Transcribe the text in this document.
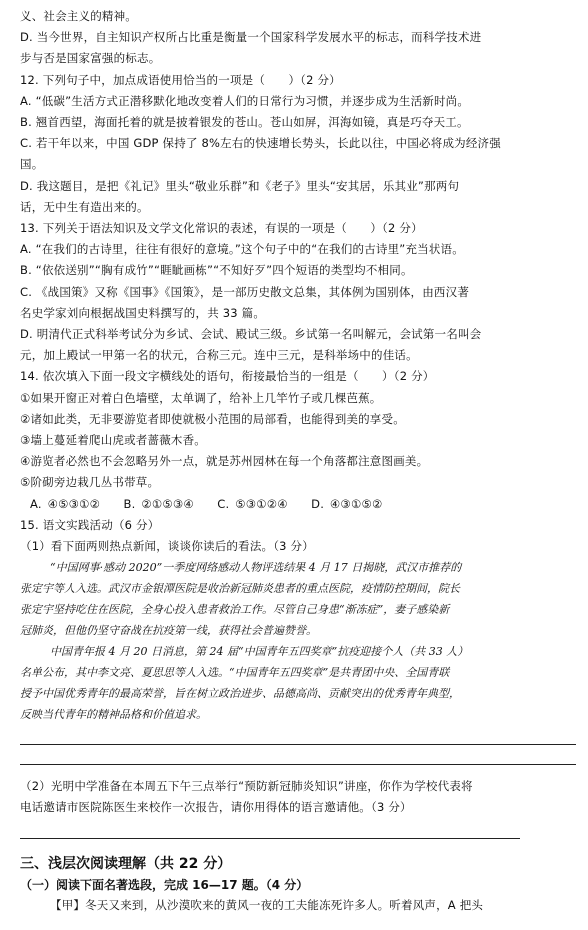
义、社会主义的精神。
D. 当今世界，自主知识产权所占比重是衡量一个国家科学发展水平的标志，而科学技术进
步与否是国家富强的标志。
12. 下列句子中，加点成语使用恰当的一项是（　　）（2 分）
A. “低碳”生活方式正潜移默化地改变着人们的日常行为习惯，并逐步成为生活新时尚。
B. 翘首西望，海面托着的就是披着银发的苍山。苍山如屏，洱海如镜，真是巧夺天工。
C. 若干年以来，中国 GDP 保持了 8%左右的快速增长势头，长此以往，中国必将成为经济强
国。
D. 我这题目，是把《礼记》里头“敬业乐群”和《老子》里头“安其居，乐其业”那两句
话，无中生有造出来的。
13. 下列关于语法知识及文学文化常识的表述，有误的一项是（　　）（2 分）
A. “在我们的古诗里，往往有很好的意境。”这个句子中的“在我们的古诗里”充当状语。
B. “依依送别”“胸有成竹”“睚眦画栋”“不知好歹”四个短语的类型均不相同。
C. 《战国策》又称《国事》《国策》，是一部历史散文总集，其体例为国别体，由西汉著
名史学家刘向根据战国史料撰写的，共 33 篇。
D. 明清代正式科举考试分为乡试、会试、殿试三级。乡试第一名叫解元，会试第一名叫会
元，加上殿试一甲第一名的状元，合称三元。连中三元，是科举场中的佳话。
14. 依次填入下面一段文字横线处的语句，衔接最恰当的一组是（　　）（2 分）
①如果开窗正对着白色墙壁，太单调了，给补上几竿竹子或几棵芭蕉。
②诸如此类，无非要游览者即使就极小范围的局部看，也能得到美的享受。
③墙上蔓延着爬山虎或者蔷薇木香。
④游览者必然也不会忽略另外一点，就是苏州园林在每一个角落都注意图画美。
⑤阶砌旁边栽几丛书带草。
A. ④⑤③①②　　B. ②①⑤③④　　C. ⑤③①②④　　D. ④③①⑤②
15. 语文实践活动（6 分）
（1）看下面两则热点新闻，谈谈你读后的看法。（3 分）
“中国网事·感动 2020”一季度网络感动人物评选结果 4 月 17 日揭晓，武汉市推荐的
张定宇等人入选。武汉市金银潭医院是收治新冠肺炎患者的重点医院，疫情防控期间，院长
张定宇坚持吃住在医院，全身心投入患者救治工作。尽管自己身患“渐冻症”，妻子感染新
冠肺炎，但他仍坚守奋战在抗疫第一线，获得社会普遍赞誉。
中国青年报 4 月 20 日消息，第 24 届“中国青年五四奖章”抗疫迎接个人（共 33 人）
名单公布，其中李文亮、夏思思等人入选。“中国青年五四奖章”是共青团中央、全国青联
授予中国优秀青年的最高荣誉，旨在树立政治进步、品德高尚、贡献突出的优秀青年典型，
反映当代青年的精神品格和价值追求。
（2）光明中学准备在本周五下午三点举行“预防新冠肺炎知识”讲座，你作为学校代表将
电话邀请市医院陈医生来校作一次报告，请你用得体的语言邀请他。（3 分）
三、浅层次阅读理解（共 22 分）
（一）阅读下面名著选段，完成 16—17 题。（4 分）
【甲】冬天又来到，从沙漠吹来的黄风一夜的工夫能冻死许多人。听着风声，A 把头
